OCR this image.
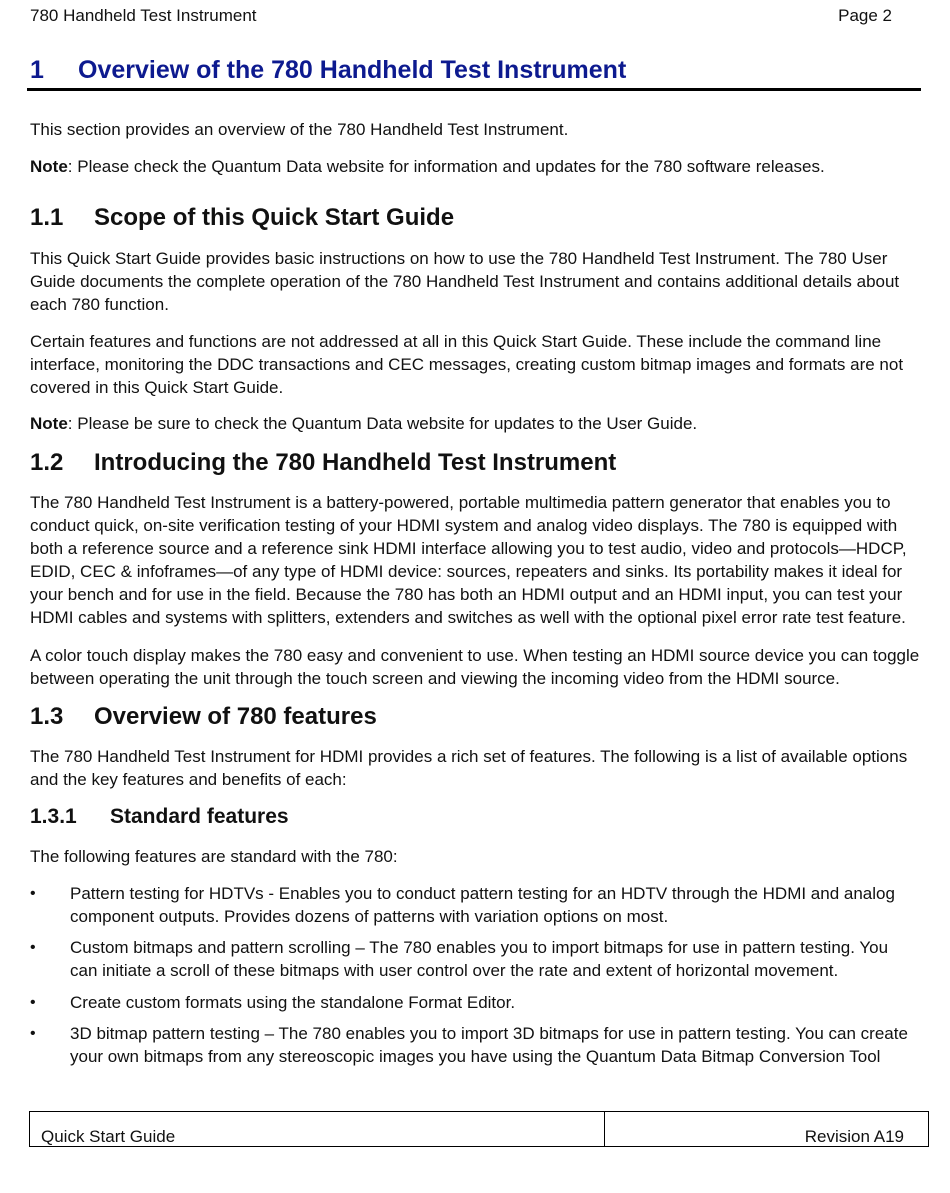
780 Handheld Test Instrument	Page 2
1 Overview of the 780 Handheld Test Instrument

This section provides an overview of the 780 Handheld Test Instrument.

Note: Please check the Quantum Data website for information and updates for the 780 software releases.

1.1 Scope of this Quick Start Guide

This Quick Start Guide provides basic instructions on how to use the 780 Handheld Test Instrument. The 780 User Guide documents the complete operation of the 780 Handheld Test Instrument and contains additional details about each 780 function.

Certain features and functions are not addressed at all in this Quick Start Guide. These include the command line interface, monitoring the DDC transactions and CEC messages, creating custom bitmap images and formats are not covered in this Quick Start Guide.

Note: Please be sure to check the Quantum Data website for updates to the User Guide.

1.2 Introducing the 780 Handheld Test Instrument

The 780 Handheld Test Instrument is a battery-powered, portable multimedia pattern generator that enables you to conduct quick, on-site verification testing of your HDMI system and analog video displays. The 780 is equipped with both a reference source and a reference sink HDMI interface allowing you to test audio, video and protocols—HDCP, EDID, CEC & infoframes—of any type of HDMI device: sources, repeaters and sinks. Its portability makes it ideal for your bench and for use in the field. Because the 780 has both an HDMI output and an HDMI input, you can test your HDMI cables and systems with splitters, extenders and switches as well with the optional pixel error rate test feature.

A color touch display makes the 780 easy and convenient to use. When testing an HDMI source device you can toggle between operating the unit through the touch screen and viewing the incoming video from the HDMI source.

1.3 Overview of 780 features

The 780 Handheld Test Instrument for HDMI provides a rich set of features. The following is a list of available options and the key features and benefits of each:

1.3.1 Standard features

The following features are standard with the 780:

•	Pattern testing for HDTVs - Enables you to conduct pattern testing for an HDTV through the HDMI and analog component outputs. Provides dozens of patterns with variation options on most.
•	Custom bitmaps and pattern scrolling – The 780 enables you to import bitmaps for use in pattern testing. You can initiate a scroll of these bitmaps with user control over the rate and extent of horizontal movement.
•	Create custom formats using the standalone Format Editor.
•	3D bitmap pattern testing – The 780 enables you to import 3D bitmaps for use in pattern testing. You can create your own bitmaps from any stereoscopic images you have using the Quantum Data Bitmap Conversion Tool
Quick Start Guide	Revision A19
